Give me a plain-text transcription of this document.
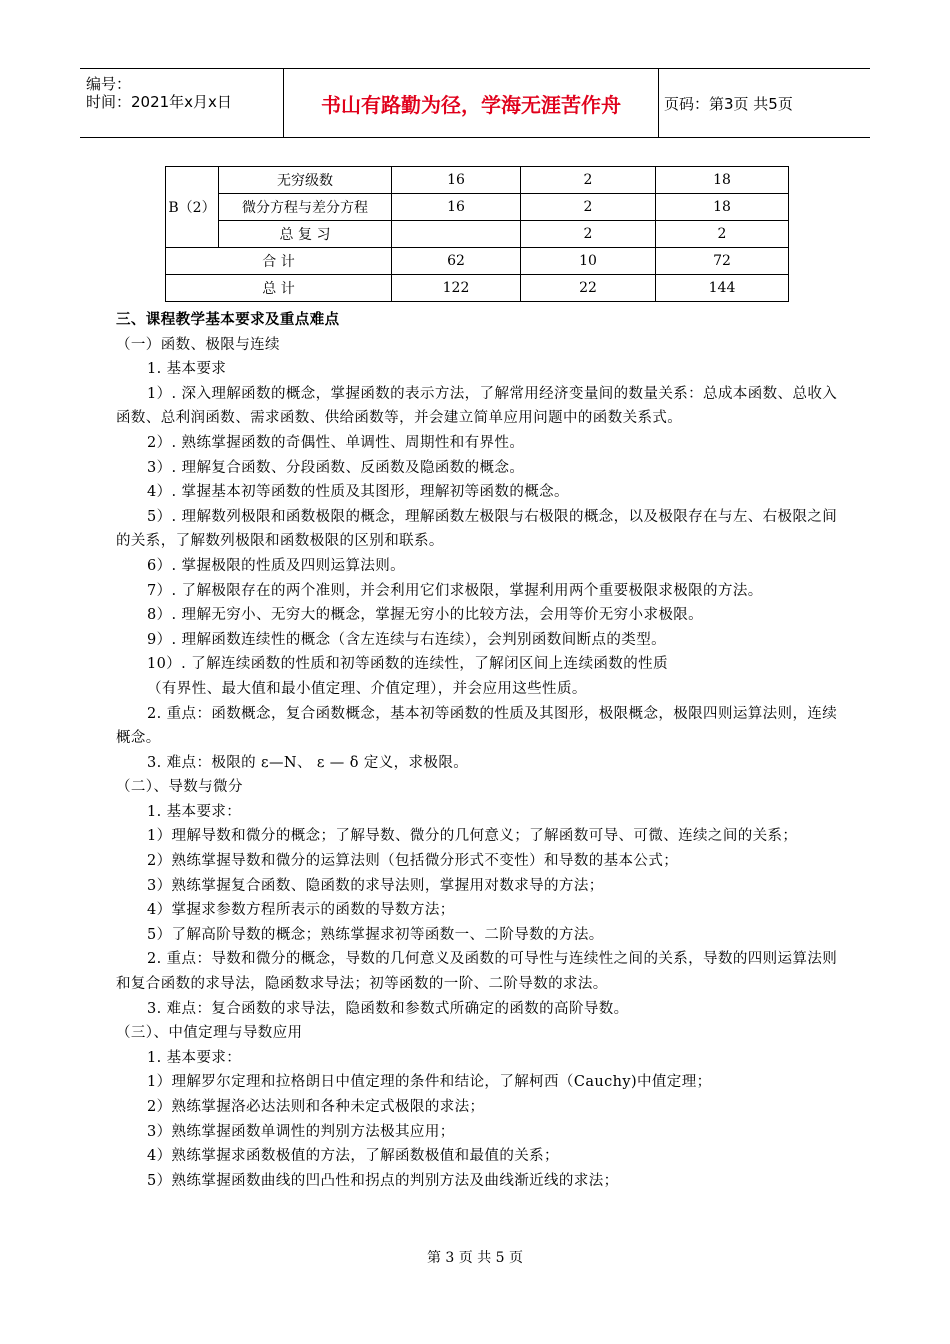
编号：
时间：2021年x月x日	书山有路勤为径，学海无涯苦作舟	页码：第3页 共5页
B（2）	无穷级数	16	2	18
	微分方程与差分方程	16	2	18
	总 复 习		2	2
合 计		62	10	72
总 计		122	22	144

三、课程教学基本要求及重点难点

（一）函数、极限与连续

1. 基本要求

1）. 深入理解函数的概念，掌握函数的表示方法，了解常用经济变量间的数量关系：总成本函数、总收入函数、总利润函数、需求函数、供给函数等，并会建立简单应用问题中的函数关系式。

2）. 熟练掌握函数的奇偶性、单调性、周期性和有界性。

3）. 理解复合函数、分段函数、反函数及隐函数的概念。

4）. 掌握基本初等函数的性质及其图形，理解初等函数的概念。

5）. 理解数列极限和函数极限的概念，理解函数左极限与右极限的概念，以及极限存在与左、右极限之间的关系，了解数列极限和函数极限的区别和联系。

6）. 掌握极限的性质及四则运算法则。

7）. 了解极限存在的两个准则，并会利用它们求极限，掌握利用两个重要极限求极限的方法。

8）. 理解无穷小、无穷大的概念，掌握无穷小的比较方法，会用等价无穷小求极限。

9）. 理解函数连续性的概念（含左连续与右连续），会判别函数间断点的类型。

10）. 了解连续函数的性质和初等函数的连续性，了解闭区间上连续函数的性质

（有界性、最大值和最小值定理、介值定理），并会应用这些性质。

2. 重点：函数概念，复合函数概念，基本初等函数的性质及其图形，极限概念，极限四则运算法则，连续概念。

3. 难点：极限的 ε—N、 ε — δ 定义，求极限。

（二）、导数与微分

1. 基本要求：

1）理解导数和微分的概念；了解导数、微分的几何意义；了解函数可导、可微、连续之间的关系；

2）熟练掌握导数和微分的运算法则（包括微分形式不变性）和导数的基本公式；

3）熟练掌握复合函数、隐函数的求导法则，掌握用对数求导的方法；

4）掌握求参数方程所表示的函数的导数方法；

5）了解高阶导数的概念；熟练掌握求初等函数一、二阶导数的方法。

2. 重点：导数和微分的概念，导数的几何意义及函数的可导性与连续性之间的关系，导数的四则运算法则和复合函数的求导法，隐函数求导法；初等函数的一阶、二阶导数的求法。

3. 难点：复合函数的求导法，隐函数和参数式所确定的函数的高阶导数。

（三）、中值定理与导数应用

1. 基本要求：

1）理解罗尔定理和拉格朗日中值定理的条件和结论，了解柯西（Cauchy)中值定理；

2）熟练掌握洛必达法则和各种未定式极限的求法；

3）熟练掌握函数单调性的判别方法极其应用；

4）熟练掌握求函数极值的方法，了解函数极值和最值的关系；

5）熟练掌握函数曲线的凹凸性和拐点的判别方法及曲线渐近线的求法；

第 3 页 共 5 页
